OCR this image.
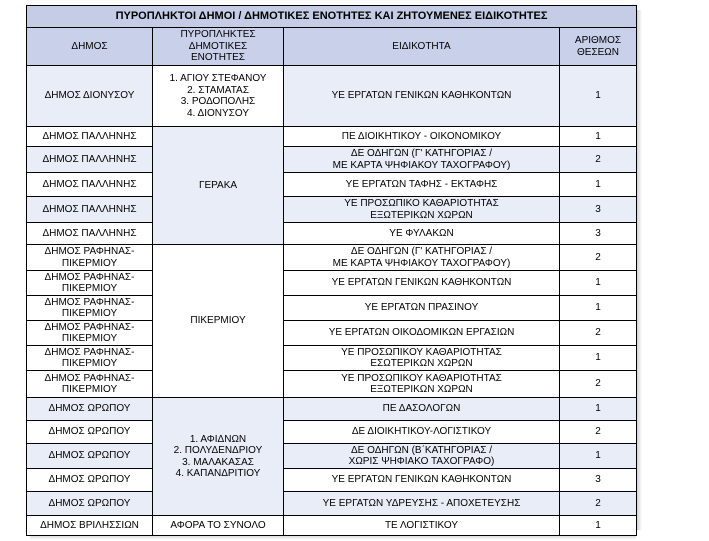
ΠΥΡΟΠΛΗΚΤΟΙ ΔΗΜΟΙ / ΔΗΜΟΤΙΚΕΣ ΕΝΟΤΗΤΕΣ ΚΑΙ ΖΗΤΟΥΜΕΝΕΣ ΕΙΔΙΚΟΤΗΤΕΣ			
ΔΗΜΟΣ	ΠΥΡΟΠΛΗΚΤΕΣ
ΔΗΜΟΤΙΚΕΣ
ΕΝΟΤΗΤΕΣ	ΕΙΔΙΚΟΤΗΤΑ	ΑΡΙΘΜΟΣ
ΘΕΣΕΩΝ
ΔΗΜΟΣ ΔΙΟΝΥΣΟΥ	1. ΑΓΙΟΥ ΣΤΕΦΑΝΟΥ
2. ΣΤΑΜΑΤΑΣ
3. ΡΟΔΟΠΟΛΗΣ
4. ΔΙΟΝΥΣΟΥ	ΥΕ ΕΡΓΑΤΩΝ ΓΕΝΙΚΩΝ ΚΑΘΗΚΟΝΤΩΝ	1
ΔΗΜΟΣ ΠΑΛΛΗΝΗΣ	ΓΕΡΑΚΑ	ΠΕ ΔΙΟΙΚΗΤΙΚΟΥ - ΟΙΚΟΝΟΜΙΚΟΥ	1
ΔΗΜΟΣ ΠΑΛΛΗΝΗΣ		ΔΕ ΟΔΗΓΩΝ (Γ' ΚΑΤΗΓΟΡΙΑΣ /
ΜΕ ΚΑΡΤΑ ΨΗΦΙΑΚΟΥ ΤΑΧΟΓΡΑΦΟΥ)	2
ΔΗΜΟΣ ΠΑΛΛΗΝΗΣ		ΥΕ ΕΡΓΑΤΩΝ ΤΑΦΗΣ - ΕΚΤΑΦΗΣ	1
ΔΗΜΟΣ ΠΑΛΛΗΝΗΣ		ΥΕ ΠΡΟΣΩΠΙΚΟ ΚΑΘΑΡΙΟΤΗΤΑΣ
ΕΞΩΤΕΡΙΚΩΝ ΧΩΡΩΝ	3
ΔΗΜΟΣ ΠΑΛΛΗΝΗΣ		ΥΕ ΦΥΛΑΚΩΝ	3
ΔΗΜΟΣ ΡΑΦΗΝΑΣ-
ΠΙΚΕΡΜΙΟΥ	ΠΙΚΕΡΜΙΟΥ	ΔΕ ΟΔΗΓΩΝ (Γ' ΚΑΤΗΓΟΡΙΑΣ /
ΜΕ ΚΑΡΤΑ ΨΗΦΙΑΚΟΥ ΤΑΧΟΓΡΑΦΟΥ)	2
ΔΗΜΟΣ ΡΑΦΗΝΑΣ-
ΠΙΚΕΡΜΙΟΥ		ΥΕ ΕΡΓΑΤΩΝ ΓΕΝΙΚΩΝ ΚΑΘΗΚΟΝΤΩΝ	1
ΔΗΜΟΣ ΡΑΦΗΝΑΣ-
ΠΙΚΕΡΜΙΟΥ		ΥΕ ΕΡΓΑΤΩΝ ΠΡΑΣΙΝΟΥ	1
ΔΗΜΟΣ ΡΑΦΗΝΑΣ-
ΠΙΚΕΡΜΙΟΥ		ΥΕ ΕΡΓΑΤΩΝ ΟΙΚΟΔΟΜΙΚΩΝ ΕΡΓΑΣΙΩΝ	2
ΔΗΜΟΣ ΡΑΦΗΝΑΣ-
ΠΙΚΕΡΜΙΟΥ		ΥΕ ΠΡΟΣΩΠΙΚΟΥ ΚΑΘΑΡΙΟΤΗΤΑΣ
ΕΣΩΤΕΡΙΚΩΝ ΧΩΡΩΝ	1
ΔΗΜΟΣ ΡΑΦΗΝΑΣ-
ΠΙΚΕΡΜΙΟΥ		ΥΕ ΠΡΟΣΩΠΙΚΟΥ ΚΑΘΑΡΙΟΤΗΤΑΣ
ΕΞΩΤΕΡΙΚΩΝ ΧΩΡΩΝ	2
ΔΗΜΟΣ ΩΡΩΠΟΥ	1. ΑΦΙΔΝΩΝ
2. ΠΟΛΥΔΕΝΔΡΙΟΥ
3. ΜΑΛΑΚΑΣΑΣ
4. ΚΑΠΑΝΔΡΙΤΙΟΥ	ΠΕ ΔΑΣΟΛΟΓΩΝ	1
ΔΗΜΟΣ ΩΡΩΠΟΥ		ΔΕ ΔΙΟΙΚΗΤΙΚΟΥ-ΛΟΓΙΣΤΙΚΟΥ	2
ΔΗΜΟΣ ΩΡΩΠΟΥ		ΔΕ ΟΔΗΓΩΝ (Β΄ΚΑΤΗΓΟΡΙΑΣ /
ΧΩΡΙΣ ΨΗΦΙΑΚΟ ΤΑΧΟΓΡΑΦΟ)	1
ΔΗΜΟΣ ΩΡΩΠΟΥ		ΥΕ ΕΡΓΑΤΩΝ ΓΕΝΙΚΩΝ ΚΑΘΗΚΟΝΤΩΝ	3
ΔΗΜΟΣ ΩΡΩΠΟΥ		ΥΕ ΕΡΓΑΤΩΝ ΥΔΡΕΥΣΗΣ - ΑΠΟΧΕΤΕΥΣΗΣ	2
ΔΗΜΟΣ ΒΡΙΛΗΣΣΙΩΝ	ΑΦΟΡΑ ΤΟ ΣΥΝΟΛΟ	ΤΕ ΛΟΓΙΣΤΙΚΟΥ	1
